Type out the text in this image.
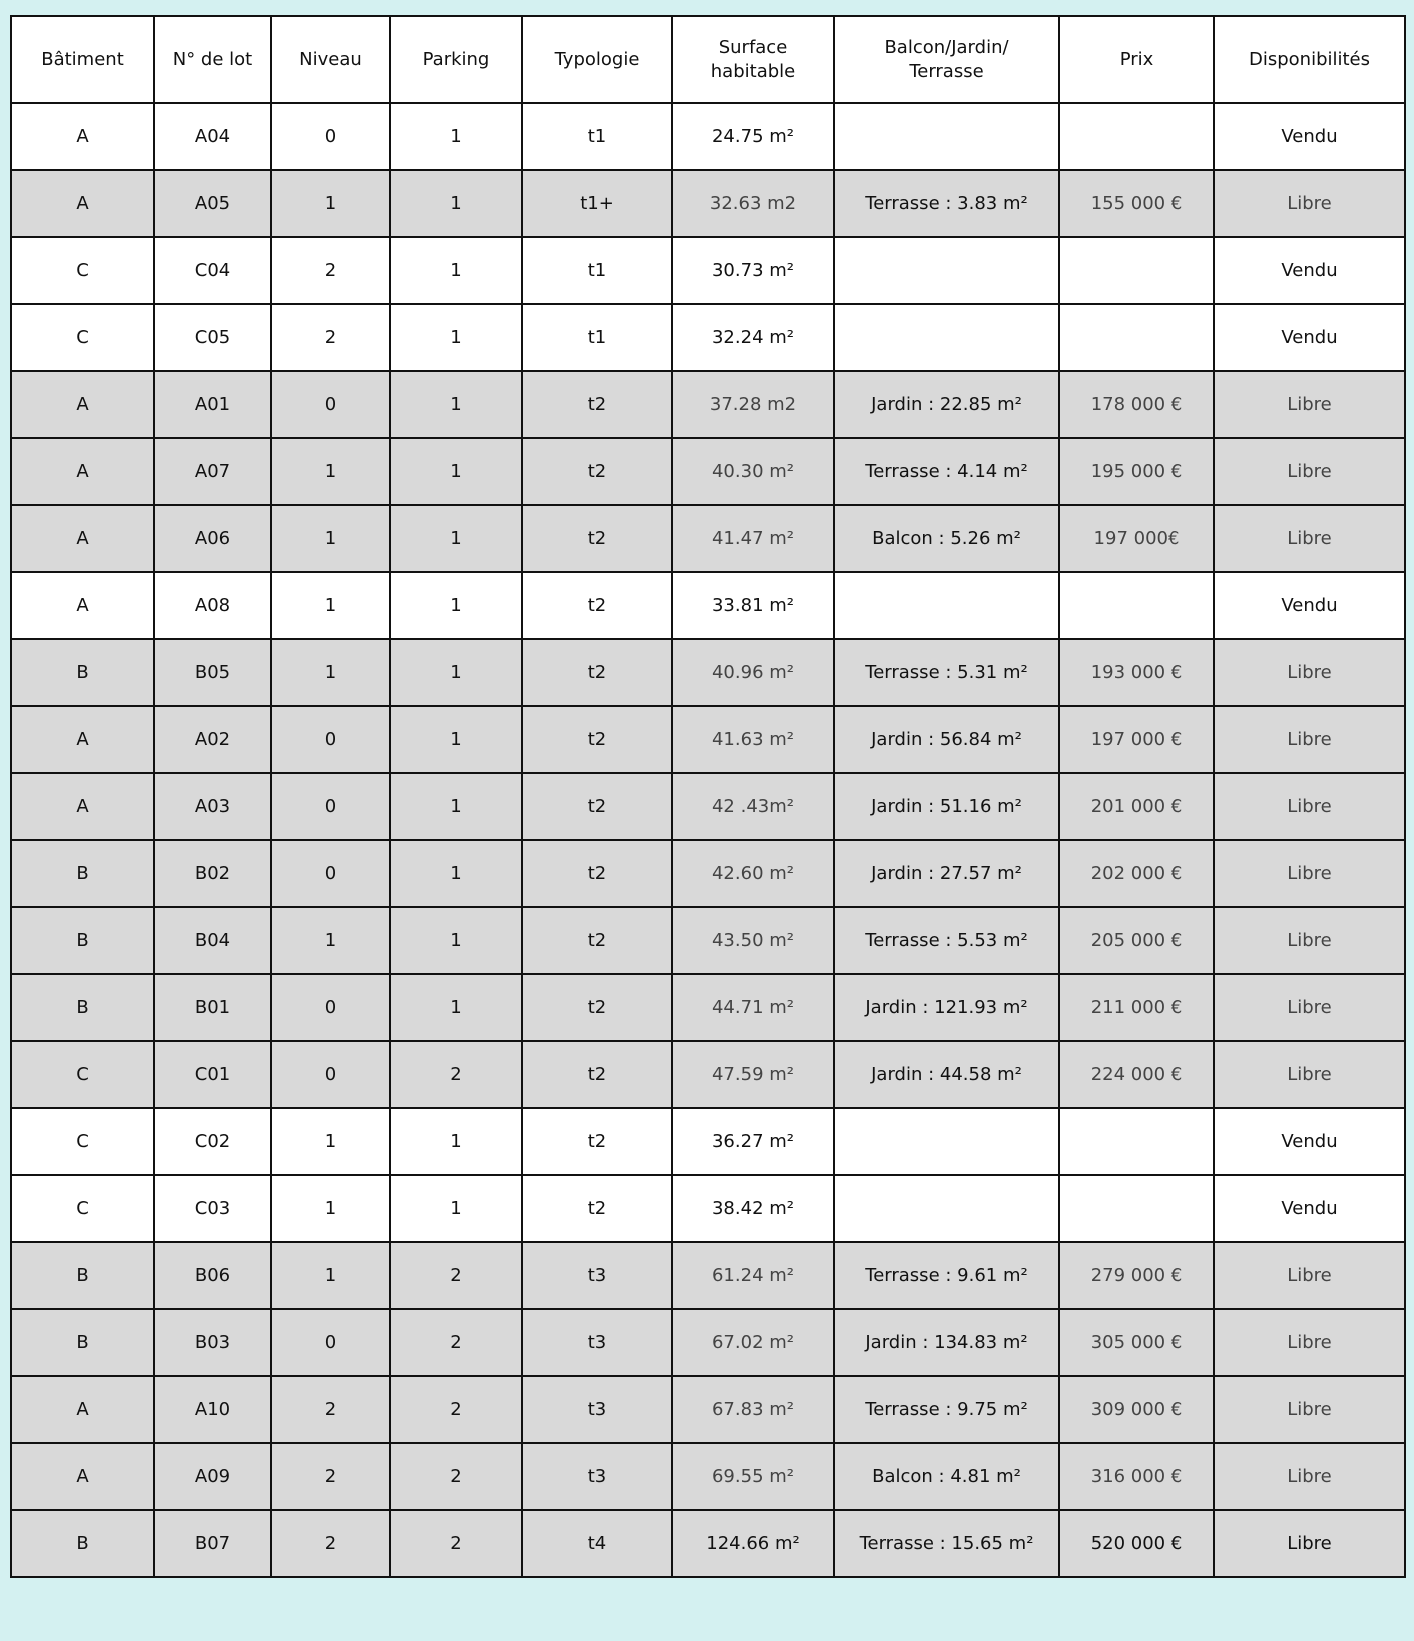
Bâtiment	N° de lot	Niveau	Parking	Typologie	Surface habitable	Balcon/Jardin/ Terrasse	Prix	Disponibilités
A	A04	0	1	t1	24.75 m²			Vendu
A	A05	1	1	t1+	32.63 m2	Terrasse : 3.83 m²	155 000 €	Libre
C	C04	2	1	t1	30.73 m²			Vendu
C	C05	2	1	t1	32.24 m²			Vendu
A	A01	0	1	t2	37.28 m2	Jardin : 22.85 m²	178 000 €	Libre
A	A07	1	1	t2	40.30 m²	Terrasse : 4.14 m²	195 000 €	Libre
A	A06	1	1	t2	41.47 m²	Balcon : 5.26 m²	197 000€	Libre
A	A08	1	1	t2	33.81 m²			Vendu
B	B05	1	1	t2	40.96 m²	Terrasse : 5.31 m²	193 000 €	Libre
A	A02	0	1	t2	41.63 m²	Jardin : 56.84 m²	197 000 €	Libre
A	A03	0	1	t2	42 .43m²	Jardin : 51.16 m²	201 000 €	Libre
B	B02	0	1	t2	42.60 m²	Jardin : 27.57 m²	202 000 €	Libre
B	B04	1	1	t2	43.50 m²	Terrasse : 5.53 m²	205 000 €	Libre
B	B01	0	1	t2	44.71 m²	Jardin : 121.93 m²	211 000 €	Libre
C	C01	0	2	t2	47.59 m²	Jardin : 44.58 m²	224 000 €	Libre
C	C02	1	1	t2	36.27 m²			Vendu
C	C03	1	1	t2	38.42 m²			Vendu
B	B06	1	2	t3	61.24 m²	Terrasse : 9.61 m²	279 000 €	Libre
B	B03	0	2	t3	67.02 m²	Jardin : 134.83 m²	305 000 €	Libre
A	A10	2	2	t3	67.83 m²	Terrasse : 9.75 m²	309 000 €	Libre
A	A09	2	2	t3	69.55 m²	Balcon : 4.81 m²	316 000 €	Libre
B	B07	2	2	t4	124.66 m²	Terrasse : 15.65 m²	520 000 €	Libre
